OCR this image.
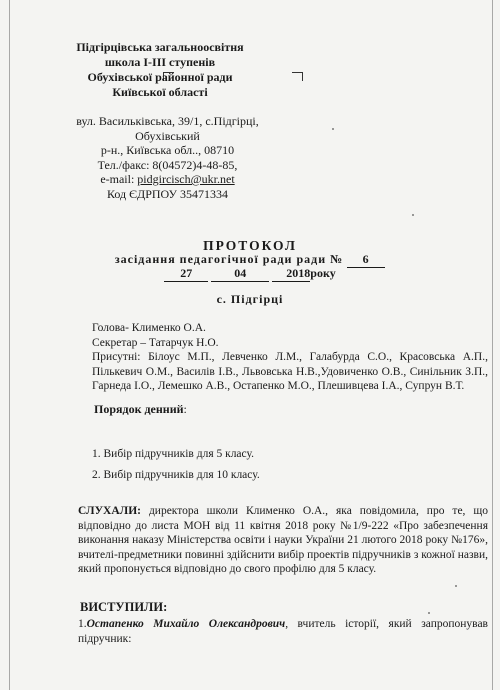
Підгірцівська загальноосвітня
школа І-ІІІ ступенів
Обухівської районної ради
Київської області
вул. Васильківська, 39/1, с.Підгірці,
Обухівський
р-н., Київська обл.., 08710
Тел./факс: 8(04572)4-48-85,
e-mail: pidgircisch@ukr.net
Код ЄДРПОУ 35471334
ПРОТОКОЛ
засідання педагогічної ради ради № 6
27	04	2018року
с. Підгірці

Голова- Клименко О.А.

Секретар – Татарчук Н.О.

Присутні: Білоус М.П., Левченко Л.М., Галабурда С.О., Красовська А.П., Пількевич О.М., Василів І.В., Львовська Н.В.,Удовиченко О.В., Синільник З.П., Гарнеда І.О., Лемешко А.В., Остапенко М.О., Плешивцева І.А., Супрун В.Т.

Порядок денний:
1. Вибір підручників для 5 класу.
2. Вибір підручників для 10 класу.
СЛУХАЛИ: директора школи Клименко О.А., яка повідомила, про те, що відповідно до листа МОН від 11 квітня 2018 року №1/9-222 «Про забезпечення виконання наказу Міністерства освіти і науки України 21 лютого 2018 року №176», вчителі-предметники повинні здійснити вибір проектів підручників з кожної назви, який пропонується відповідно до свого профілю для 5 класу.
ВИСТУПИЛИ:
1.Остапенко Михайло Олександрович, вчитель історії, який запропонував підручник:
